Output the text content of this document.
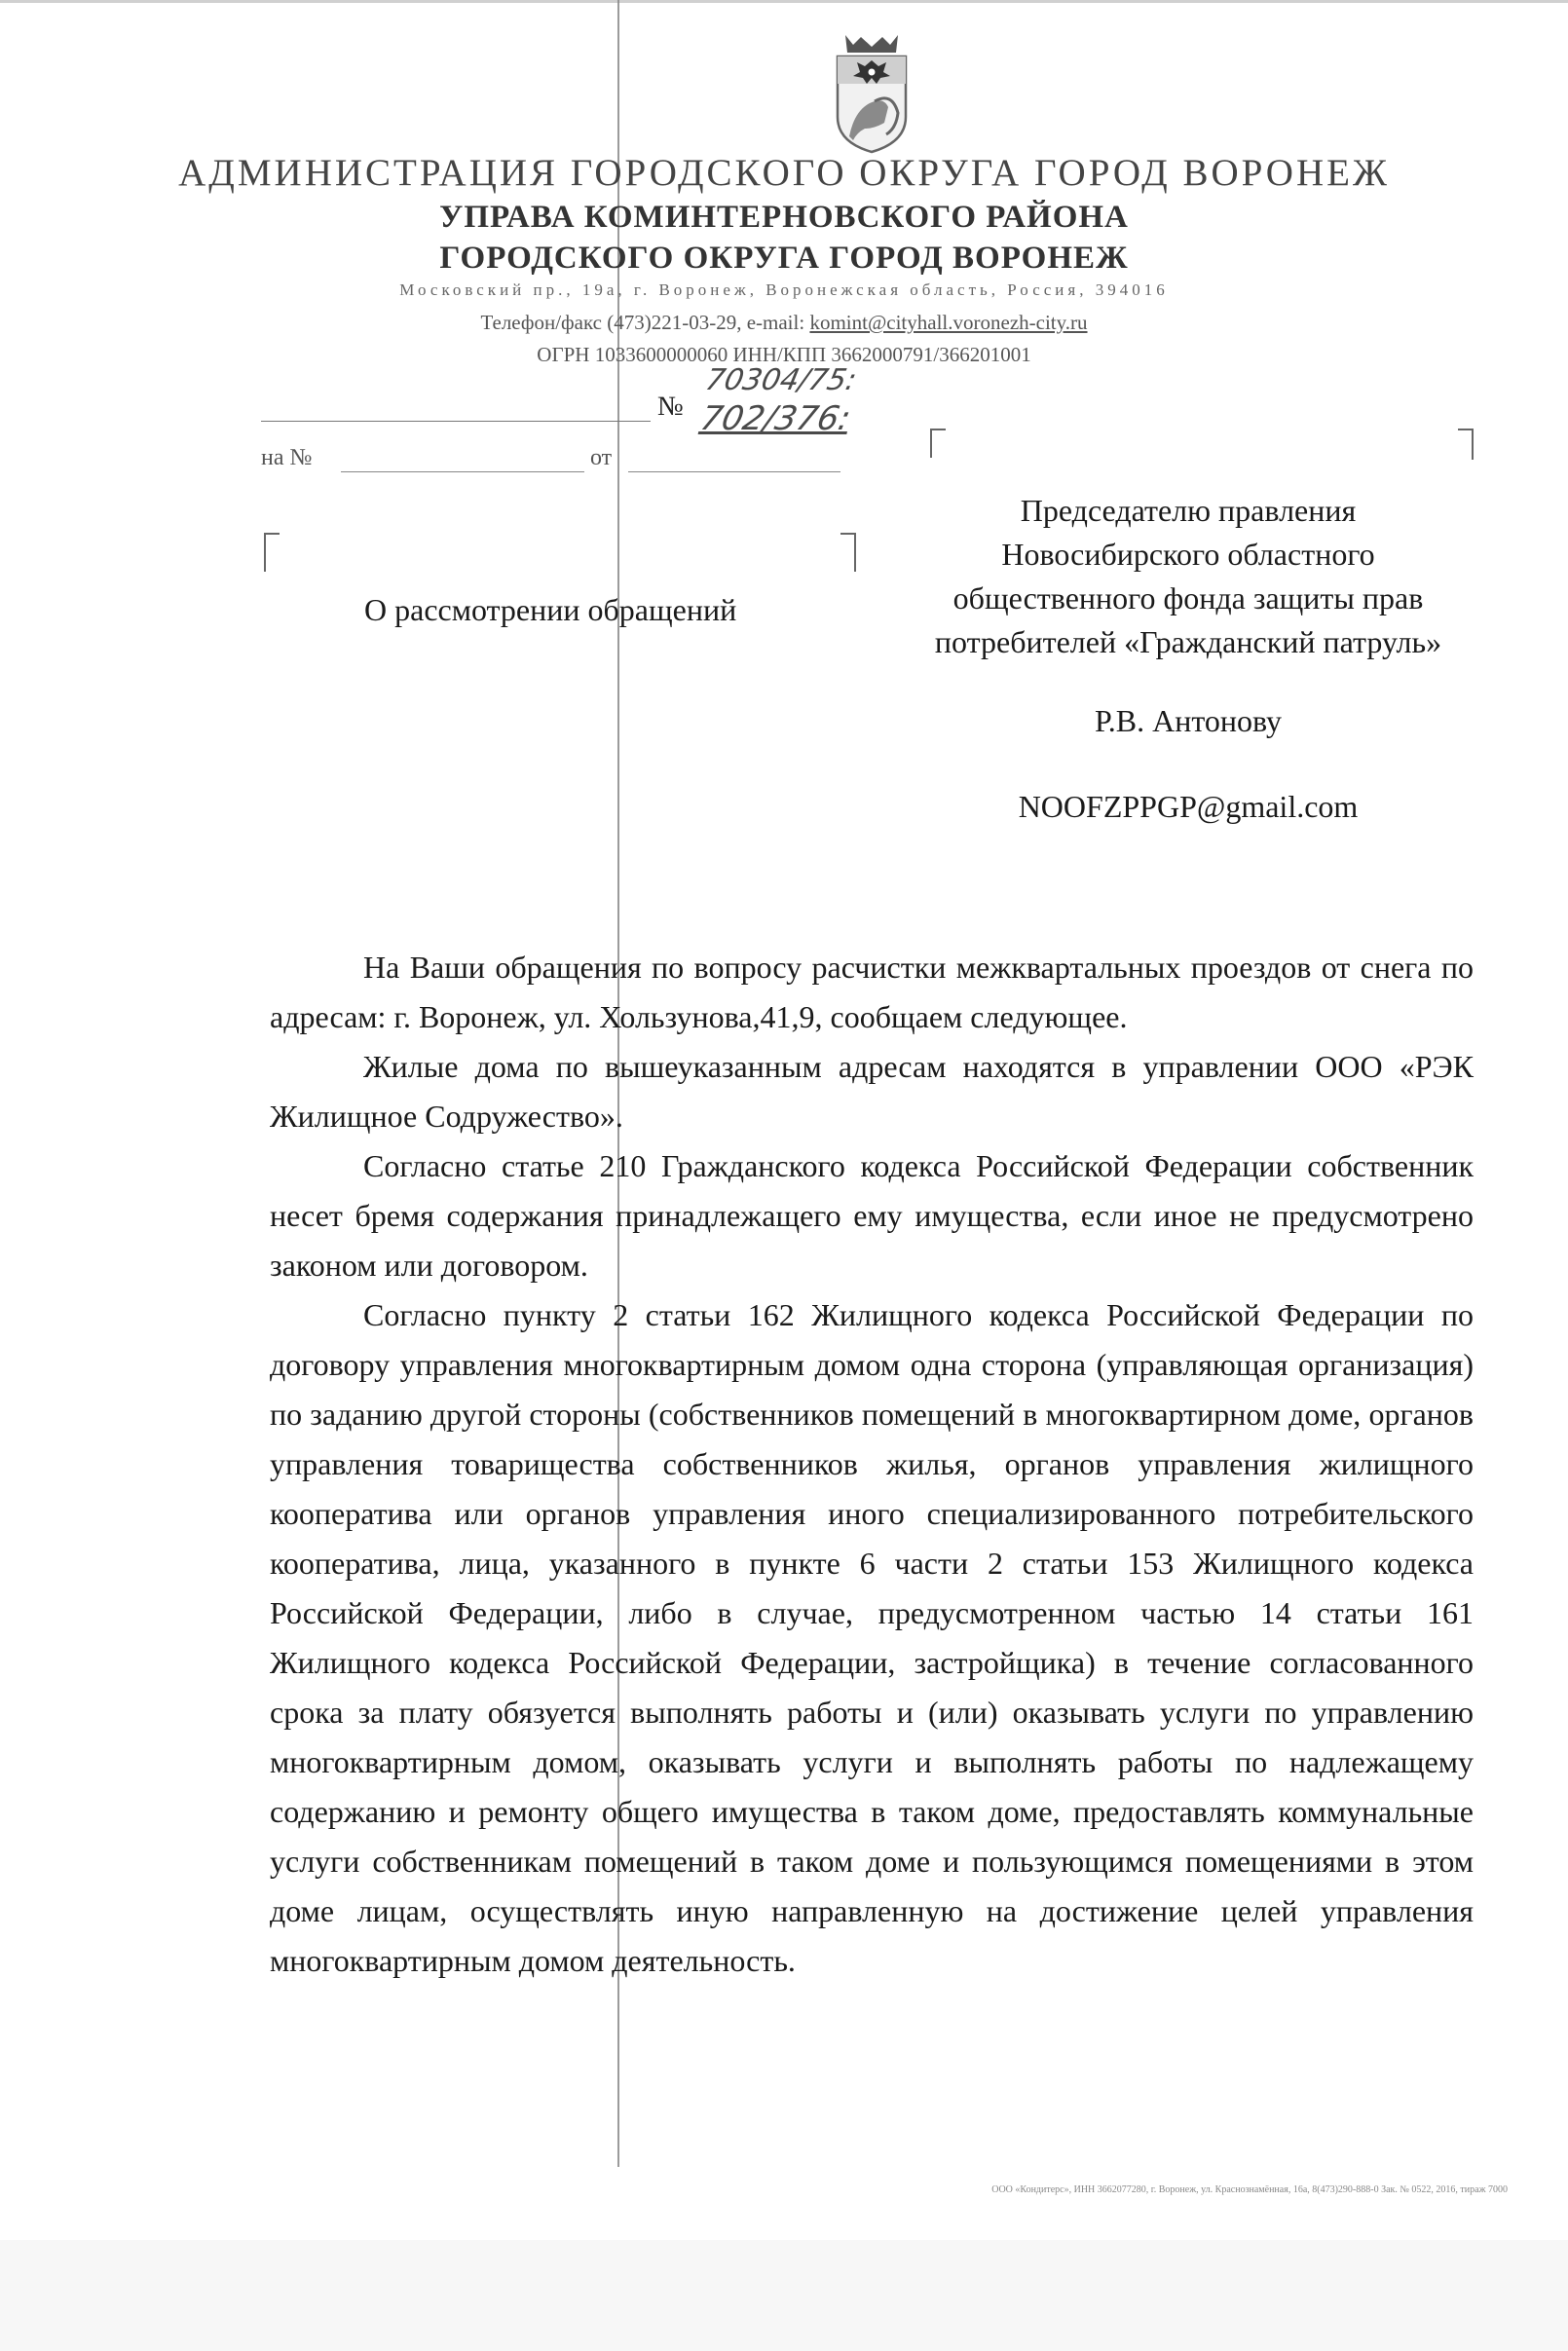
АДМИНИСТРАЦИЯ ГОРОДСКОГО ОКРУГА ГОРОД ВОРОНЕЖ
УПРАВА КОМИНТЕРНОВСКОГО РАЙОНА
ГОРОДСКОГО ОКРУГА ГОРОД ВОРОНЕЖ
Московский пр., 19а, г. Воронеж, Воронежская область, Россия, 394016
Телефон/факс (473)221-03-29, e-mail: komint@cityhall.voronezh-city.ru
ОГРН 1033600000060 ИНН/КПП 3662000791/366201001
№
70304/75:
702/376:
на №	от
О рассмотрении обращений
Председателю правления
Новосибирского областного
общественного фонда защиты прав
потребителей «Гражданский патруль»
Р.В. Антонову
NOOFZPPGP@gmail.com

На Ваши обращения по вопросу расчистки межквартальных проездов от снега по адресам: г. Воронеж, ул. Хользунова,41,9, сообщаем следующее.

Жилые дома по вышеуказанным адресам находятся в управлении ООО «РЭК Жилищное Содружество».

Согласно статье 210 Гражданского кодекса Российской Федерации собственник несет бремя содержания принадлежащего ему имущества, если иное не предусмотрено законом или договором.

Согласно пункту 2 статьи 162 Жилищного кодекса Российской Федерации по договору управления многоквартирным домом одна сторона (управляющая организация) по заданию другой стороны (собственников помещений в многоквартирном доме, органов управления товарищества собственников жилья, органов управления жилищного кооператива или органов управления иного специализированного потребительского кооператива, лица, указанного в пункте 6 части 2 статьи 153 Жилищного кодекса Российской Федерации, либо в случае, предусмотренном частью 14 статьи 161 Жилищного кодекса Российской Федерации, застройщика) в течение согласованного срока за плату обязуется выполнять работы и (или) оказывать услуги по управлению многоквартирным домом, оказывать услуги и выполнять работы по надлежащему содержанию и ремонту общего имущества в таком доме, предоставлять коммунальные услуги собственникам помещений в таком доме и пользующимся помещениями в этом доме лицам, осуществлять иную направленную на достижение целей управления многоквартирным домом деятельность.

ООО «Кондитерс», ИНН 3662077280, г. Воронеж, ул. Краснознамённая, 16а, 8(473)290-888-0 Зак. № 0522, 2016, тираж 7000
